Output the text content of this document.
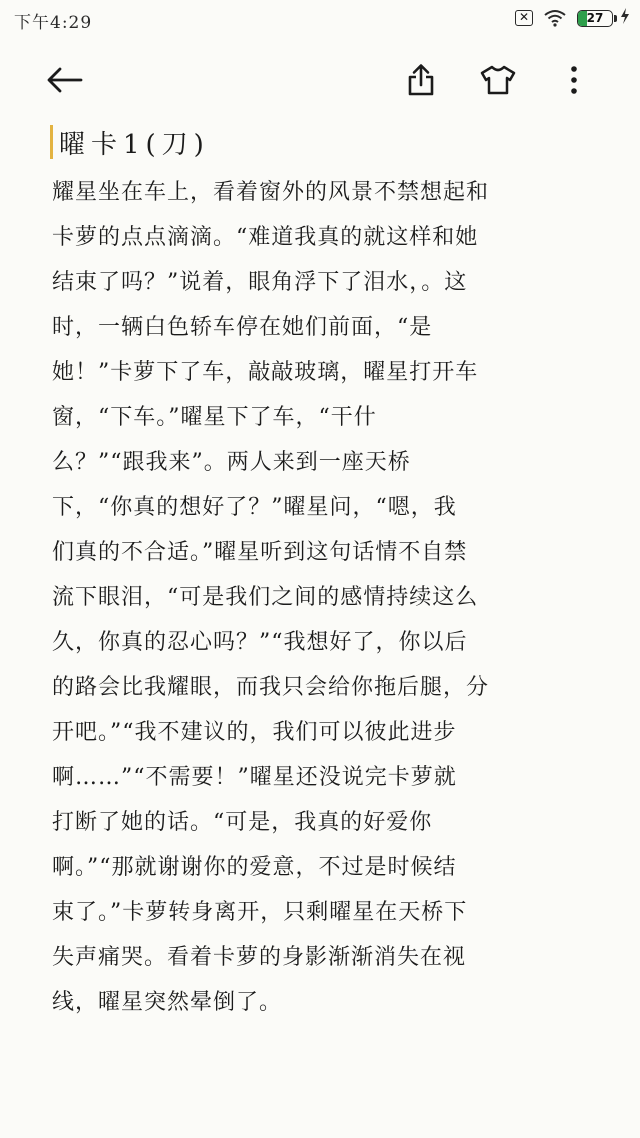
下午4:29	✕	27
曜卡1(刀)
耀星坐在车上，看着窗外的风景不禁想起和
卡萝的点点滴滴。“难道我真的就这样和她
结束了吗？”说着，眼角浮下了泪水，。这
时，一辆白色轿车停在她们前面，“是
她！”卡萝下了车，敲敲玻璃，曜星打开车
窗，“下车。”曜星下了车，“干什
么？”“跟我来”。两人来到一座天桥
下，“你真的想好了？”曜星问，“嗯，我
们真的不合适。”曜星听到这句话情不自禁
流下眼泪，“可是我们之间的感情持续这么
久，你真的忍心吗？”“我想好了，你以后
的路会比我耀眼，而我只会给你拖后腿，分
开吧。”“我不建议的，我们可以彼此进步
啊……”“不需要！”曜星还没说完卡萝就
打断了她的话。“可是，我真的好爱你
啊。”“那就谢谢你的爱意，不过是时候结
束了。”卡萝转身离开，只剩曜星在天桥下
失声痛哭。看着卡萝的身影渐渐消失在视
线，曜星突然晕倒了。
